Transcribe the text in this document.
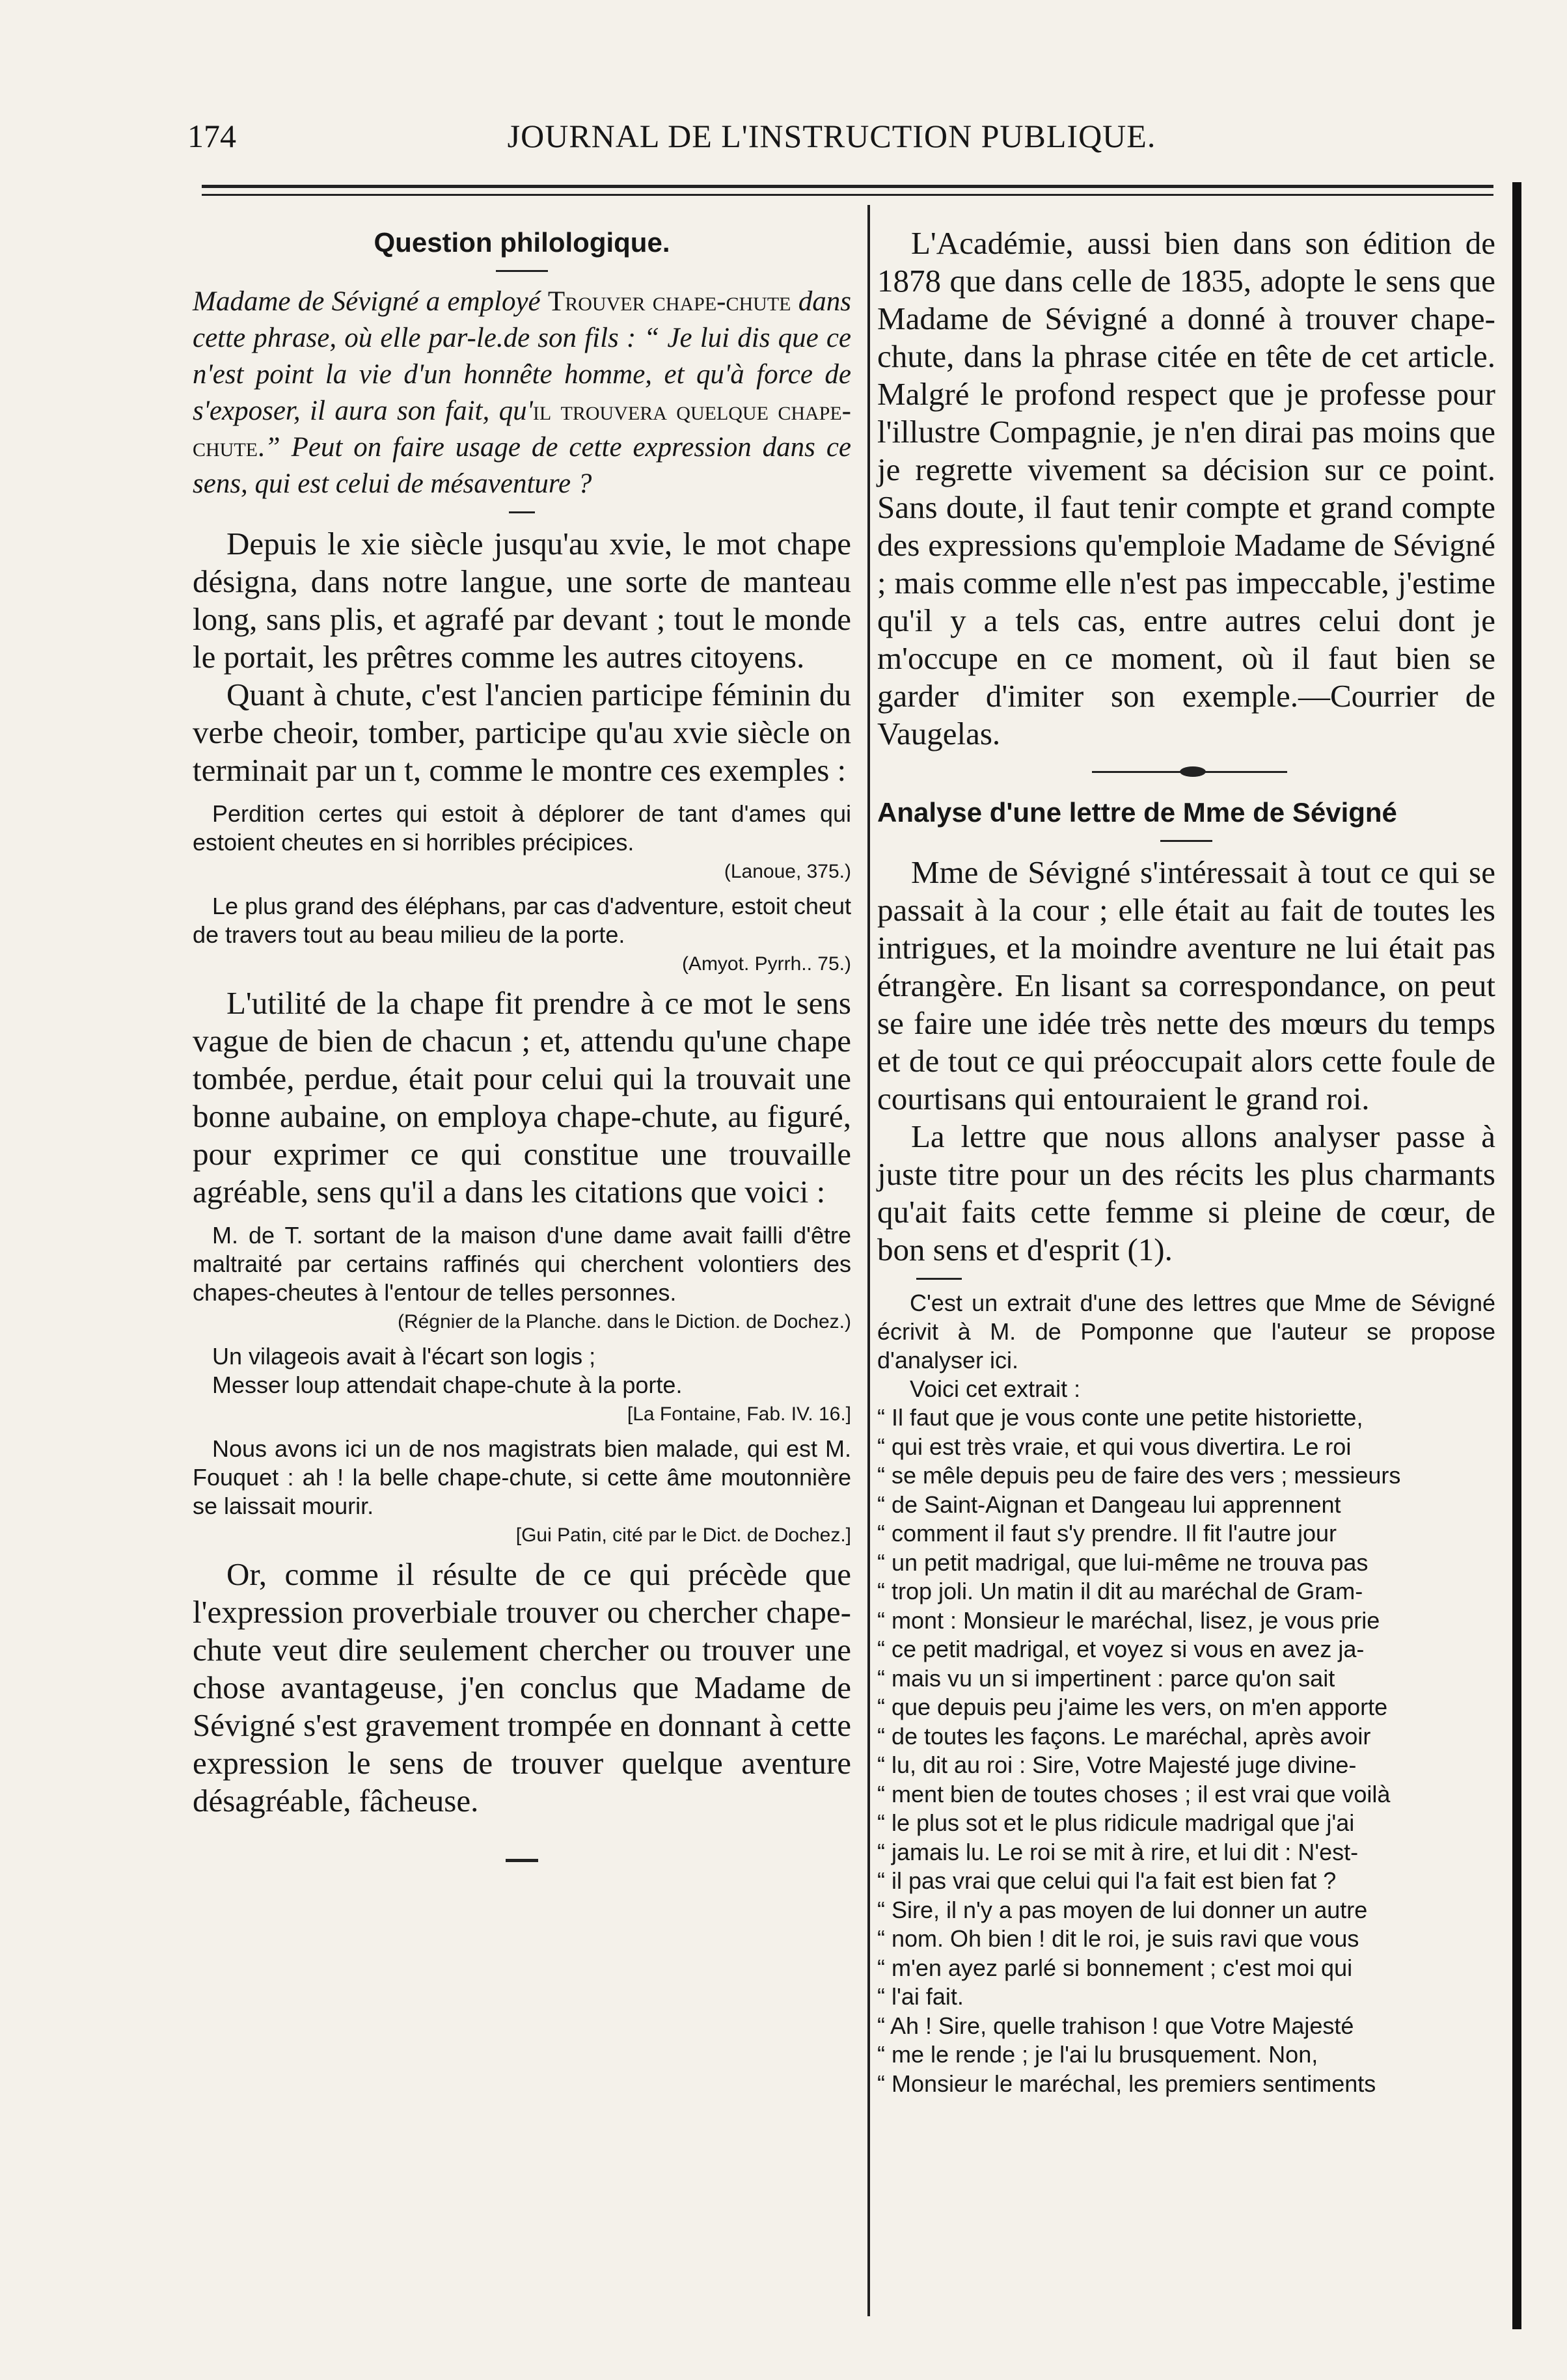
174	JOURNAL DE L'INSTRUCTION PUBLIQUE.
Question philologique.

Madame de Sévigné a employé Trouver chape-chute dans cette phrase, où elle par-le.de son fils : “ Je lui dis que ce n'est point la vie d'un honnête homme, et qu'à force de s'exposer, il aura son fait, qu'il trouvera quelque chape-chute.” Peut on faire usage de cette expression dans ce sens, qui est celui de mésaventure ?

Depuis le xie siècle jusqu'au xvie, le mot chape désigna, dans notre langue, une sorte de manteau long, sans plis, et agrafé par devant ; tout le monde le portait, les prêtres comme les autres citoyens.

Quant à chute, c'est l'ancien participe féminin du verbe cheoir, tomber, participe qu'au xvie siècle on terminait par un t, comme le montre ces exemples :

Perdition certes qui estoit à déplorer de tant d'ames qui estoient cheutes en si horribles précipices.

(Lanoue, 375.)

Le plus grand des éléphans, par cas d'adventure, estoit cheut de travers tout au beau milieu de la porte.

(Amyot. Pyrrh.. 75.)

L'utilité de la chape fit prendre à ce mot le sens vague de bien de chacun ; et, attendu qu'une chape tombée, perdue, était pour celui qui la trouvait une bonne aubaine, on employa chape-chute, au figuré, pour exprimer ce qui constitue une trouvaille agréable, sens qu'il a dans les citations que voici :

M. de T. sortant de la maison d'une dame avait failli d'être maltraité par certains raffinés qui cherchent volontiers des chapes-cheutes à l'entour de telles personnes.

(Régnier de la Planche. dans le Diction. de Dochez.)

Un vilageois avait à l'écart son logis ;

Messer loup attendait chape-chute à la porte.

[La Fontaine, Fab. IV. 16.]

Nous avons ici un de nos magistrats bien malade, qui est M. Fouquet : ah ! la belle chape-chute, si cette âme moutonnière se laissait mourir.

[Gui Patin, cité par le Dict. de Dochez.]

Or, comme il résulte de ce qui précède que l'expression proverbiale trouver ou chercher chape-chute veut dire seulement chercher ou trouver une chose avantageuse, j'en conclus que Madame de Sévigné s'est gravement trompée en donnant à cette expression le sens de trouver quelque aventure désagréable, fâcheuse.

L'Académie, aussi bien dans son édition de 1878 que dans celle de 1835, adopte le sens que Madame de Sévigné a donné à trouver chape-chute, dans la phrase citée en tête de cet article. Malgré le profond respect que je professe pour l'illustre Compagnie, je n'en dirai pas moins que je regrette vivement sa décision sur ce point. Sans doute, il faut tenir compte et grand compte des expressions qu'emploie Madame de Sévigné ; mais comme elle n'est pas impeccable, j'estime qu'il y a tels cas, entre autres celui dont je m'occupe en ce moment, où il faut bien se garder d'imiter son exemple.—Courrier de Vaugelas.

Analyse d'une lettre de Mme de Sévigné

Mme de Sévigné s'intéressait à tout ce qui se passait à la cour ; elle était au fait de toutes les intrigues, et la moindre aventure ne lui était pas étrangère. En lisant sa correspondance, on peut se faire une idée très nette des mœurs du temps et de tout ce qui préoccupait alors cette foule de courtisans qui entouraient le grand roi.

La lettre que nous allons analyser passe à juste titre pour un des récits les plus charmants qu'ait faits cette femme si pleine de cœur, de bon sens et d'esprit (1).

C'est un extrait d'une des lettres que Mme de Sévigné écrivit à M. de Pomponne que l'auteur se propose d'analyser ici.

Voici cet extrait :

“ Il faut que je vous conte une petite historiette,

“ qui est très vraie, et qui vous divertira. Le roi

“ se mêle depuis peu de faire des vers ; messieurs

“ de Saint-Aignan et Dangeau lui apprennent

“ comment il faut s'y prendre. Il fit l'autre jour

“ un petit madrigal, que lui-même ne trouva pas

“ trop joli. Un matin il dit au maréchal de Gram-

“ mont : Monsieur le maréchal, lisez, je vous prie

“ ce petit madrigal, et voyez si vous en avez ja-

“ mais vu un si impertinent : parce qu'on sait

“ que depuis peu j'aime les vers, on m'en apporte

“ de toutes les façons. Le maréchal, après avoir

“ lu, dit au roi : Sire, Votre Majesté juge divine-

“ ment bien de toutes choses ; il est vrai que voilà

“ le plus sot et le plus ridicule madrigal que j'ai

“ jamais lu. Le roi se mit à rire, et lui dit : N'est-

“ il pas vrai que celui qui l'a fait est bien fat ?

“ Sire, il n'y a pas moyen de lui donner un autre

“ nom. Oh bien ! dit le roi, je suis ravi que vous

“ m'en ayez parlé si bonnement ; c'est moi qui

“ l'ai fait.

“ Ah ! Sire, quelle trahison ! que Votre Majesté

“ me le rende ; je l'ai lu brusquement. Non,

“ Monsieur le maréchal, les premiers sentiments
